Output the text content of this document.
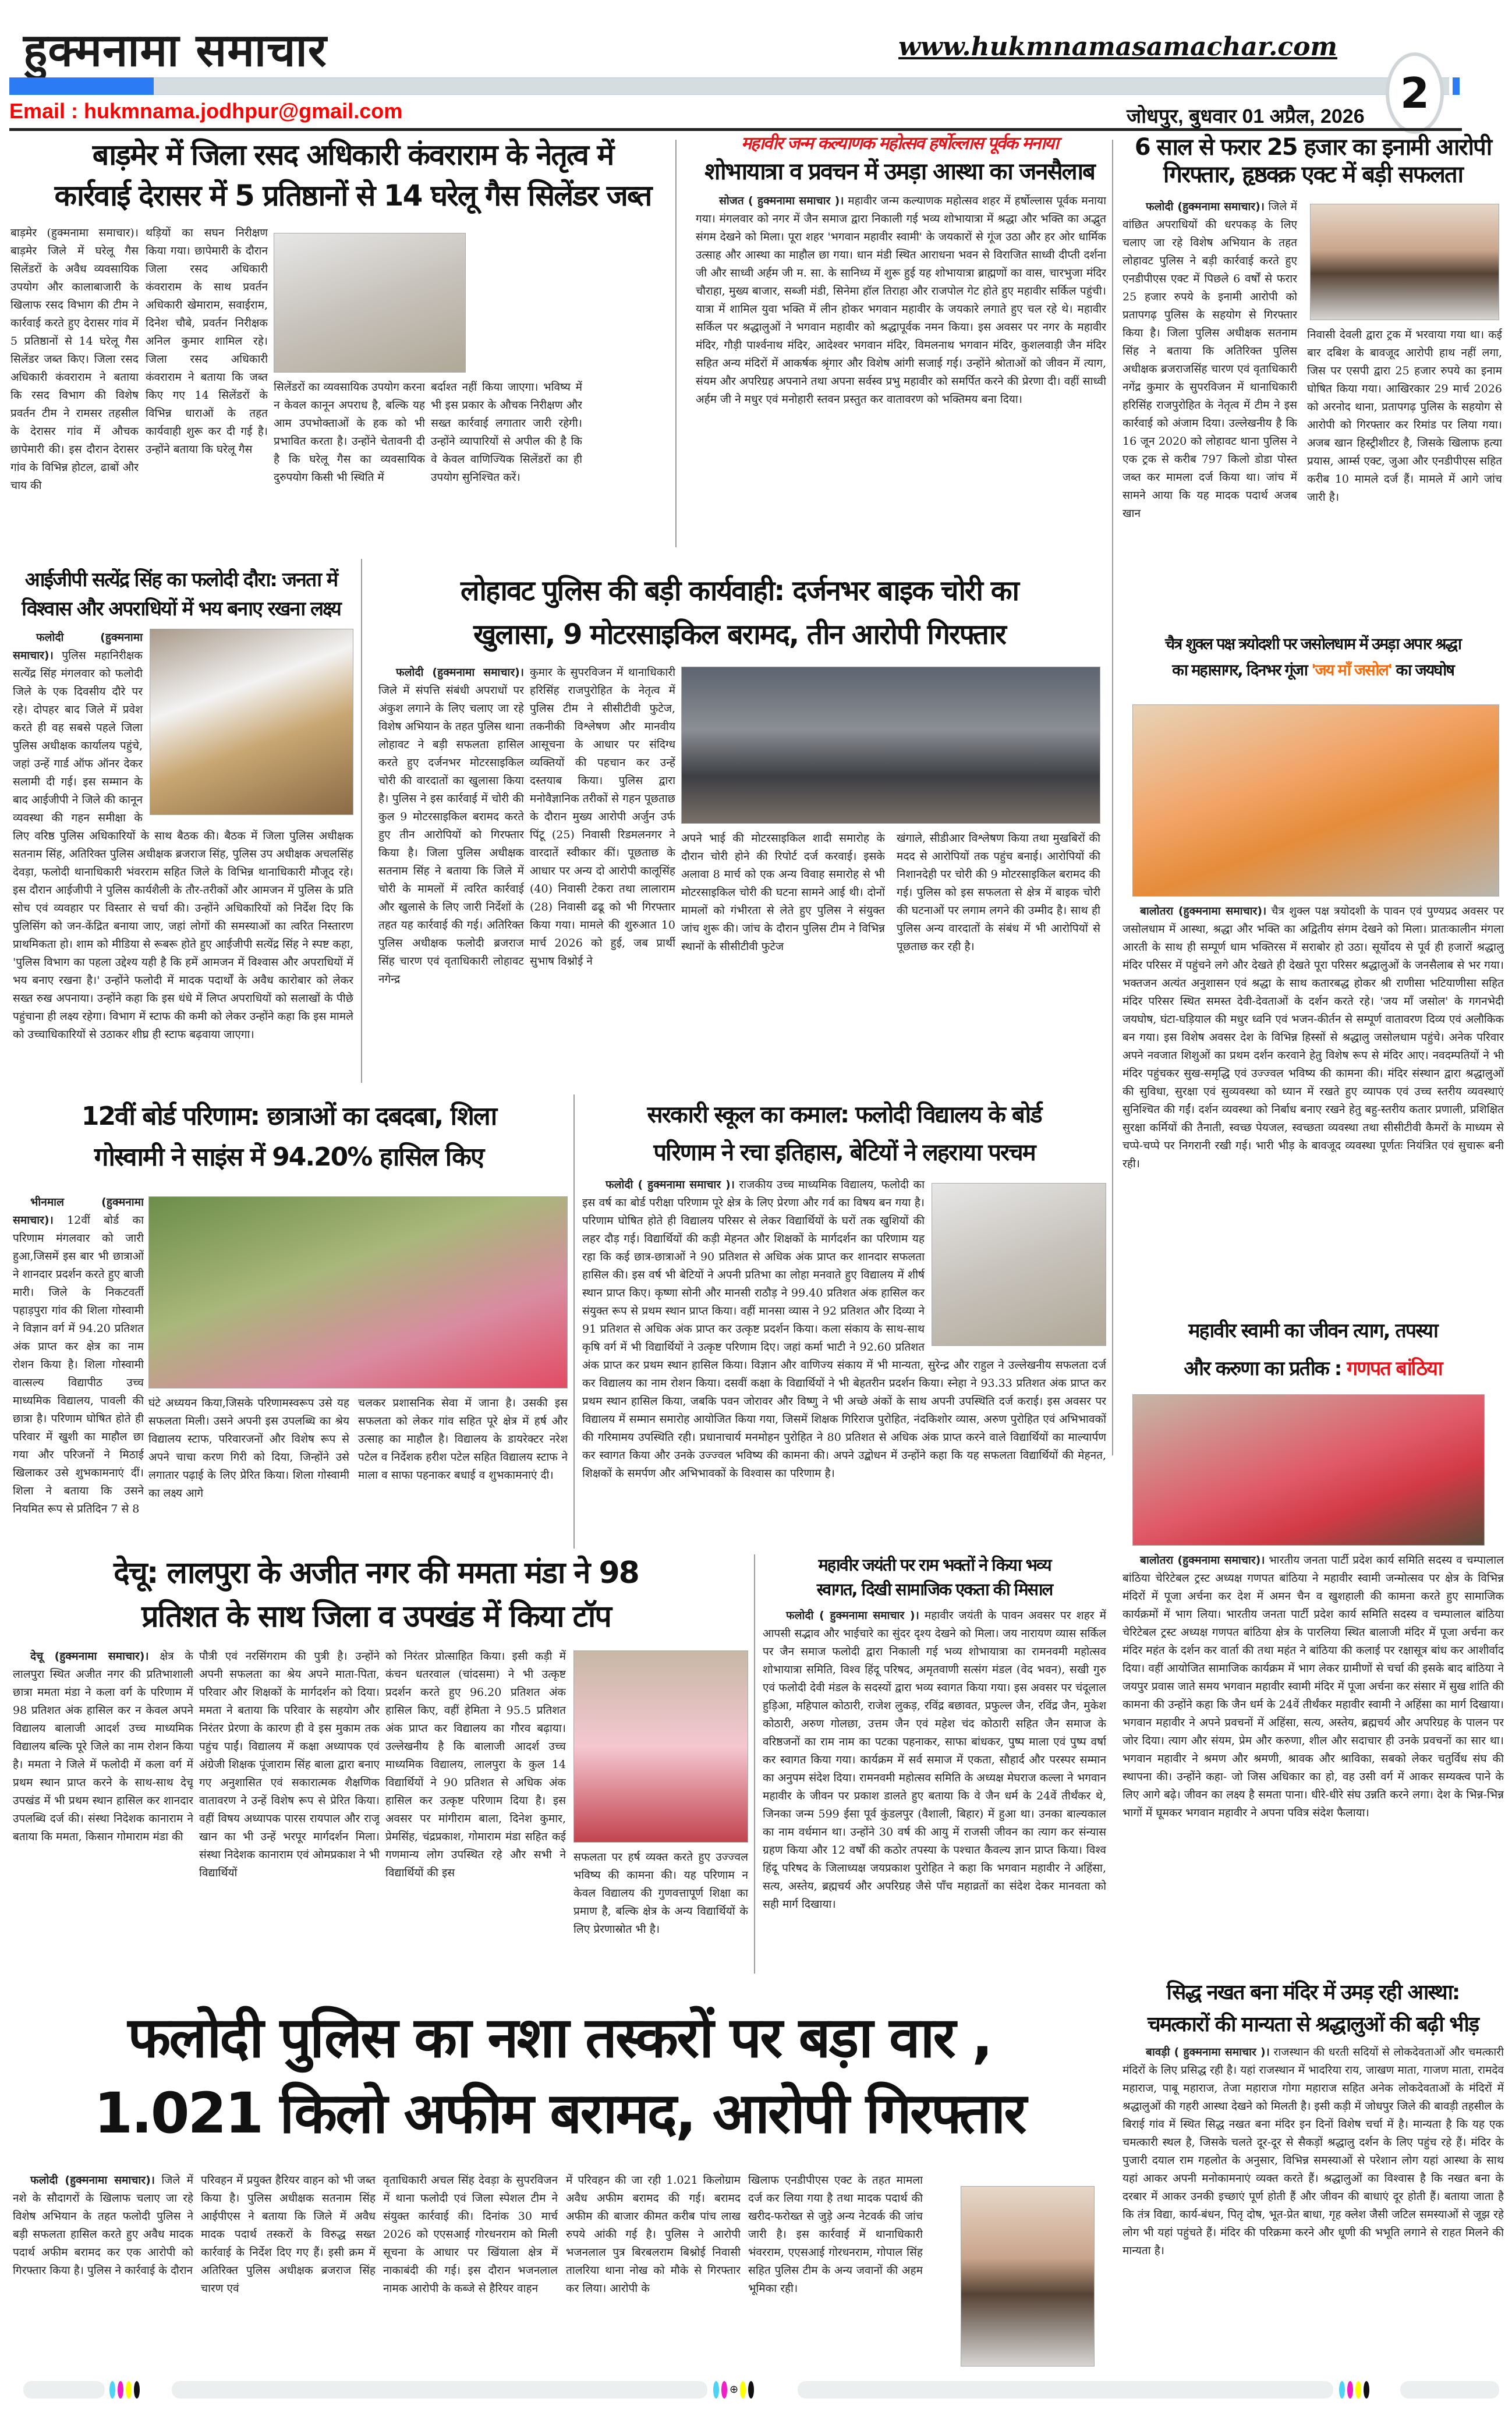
हुक्मनामा समाचार	www.hukmnamasamachar.com
2
Email : hukmnama.jodhpur@gmail.com	जोधपुर, बुधवार 01 अप्रैल, 2026
बाड़मेर में जिला रसद अधिकारी कंवराराम के नेतृत्व में
कार्रवाई देरासर में 5 प्रतिष्ठानों से 14 घरेलू गैस सिलेंडर जब्त
बाड़मेर (हुक्मनामा समाचार)। बाड़मेर जिले में घरेलू गैस सिलेंडरों के अवैध व्यवसायिक उपयोग और कालाबाजारी के खिलाफ रसद विभाग की टीम ने कार्रवाई करते हुए देरासर गांव में 5 प्रतिष्ठानों से 14 घरेलू गैस सिलेंडर जब्त किए। जिला रसद अधिकारी कंवराराम ने बताया कि रसद विभाग की विशेष प्रवर्तन टीम ने रामसर तहसील के देरासर गांव में औचक छापेमारी की। इस दौरान देरासर गांव के विभिन्न होटल, ढाबों और चाय की
थड़ियों का सघन निरीक्षण किया गया। छापेमारी के दौरान जिला रसद अधिकारी कंवराराम के साथ प्रवर्तन अधिकारी खेमाराम, सवाईराम, दिनेश चौबे, प्रवर्तन निरीक्षक अनिल कुमार शामिल रहे। जिला रसद अधिकारी कंवराराम ने बताया कि जब्त किए गए 14 सिलेंडरों के विभिन्न धाराओं के तहत कार्यवाही शुरू कर दी गई है। उन्होंने बताया कि घरेलू गैस
सिलेंडरों का व्यवसायिक उपयोग करना न केवल कानून अपराध है, बल्कि यह आम उपभोक्ताओं के हक को भी प्रभावित करता है। उन्होंने चेतावनी दी है कि घरेलू गैस का व्यवसायिक दुरुपयोग किसी भी स्थिति में
बर्दाश्त नहीं किया जाएगा। भविष्य में भी इस प्रकार के औचक निरीक्षण और सख्त कार्रवाई लगातार जारी रहेगी। उन्होंने व्यापारियों से अपील की है कि वे केवल वाणिज्यिक सिलेंडरों का ही उपयोग सुनिश्चित करें।
महावीर जन्म कल्याणक महोत्सव हर्षोल्लास पूर्वक मनाया
शोभायात्रा व प्रवचन में उमड़ा आस्था का जनसैलाब
सोजत ( हुक्मनामा समाचार )। महावीर जन्म कल्याणक महोत्सव शहर में हर्षोल्लास पूर्वक मनाया गया। मंगलवार को नगर में जैन समाज द्वारा निकाली गई भव्य शोभायात्रा में श्रद्धा और भक्ति का अद्भुत संगम देखने को मिला। पूरा शहर 'भगवान महावीर स्वामी' के जयकारों से गूंज उठा और हर ओर धार्मिक उत्साह और आस्था का माहौल छा गया। धान मंडी स्थित आराधना भवन से विराजित साध्वी दीप्ती दर्शना जी और साध्वी अर्हम जी म. सा. के सानिध्य में शुरू हुई यह शोभायात्रा ब्राह्मणों का वास, चारभुजा मंदिर चौराहा, मुख्य बाजार, सब्जी मंडी, सिनेमा हॉल तिराहा और राजपोल गेट होते हुए महावीर सर्किल पहुंची। यात्रा में शामिल युवा भक्ति में लीन होकर भगवान महावीर के जयकारे लगाते हुए चल रहे थे। महावीर सर्किल पर श्रद्धालुओं ने भगवान महावीर को श्रद्धापूर्वक नमन किया। इस अवसर पर नगर के महावीर मंदिर, गौड़ी पार्श्वनाथ मंदिर, आदेश्वर भगवान मंदिर, विमलनाथ भगवान मंदिर, कुशलवाड़ी जैन मंदिर सहित अन्य मंदिरों में आकर्षक श्रृंगार और विशेष आंगी सजाई गई। उन्होंने श्रोताओं को जीवन में त्याग, संयम और अपरिग्रह अपनाने तथा अपना सर्वस्व प्रभु महावीर को समर्पित करने की प्रेरणा दी। वहीं साध्वी अर्हम जी ने मधुर एवं मनोहारी स्तवन प्रस्तुत कर वातावरण को भक्तिमय बना दिया।
6 साल से फरार 25 हजार का इनामी आरोपी
गिरफ्तार, हृष्ठक्क्र एक्ट में बड़ी सफलता
फलोदी (हुक्मनामा समाचार)। जिले में वांछित अपराधियों की धरपकड़ के लिए चलाए जा रहे विशेष अभियान के तहत लोहावट पुलिस ने बड़ी कार्रवाई करते हुए एनडीपीएस एक्ट में पिछले 6 वर्षों से फरार 25 हजार रुपये के इनामी आरोपी को प्रतापगढ़ पुलिस के सहयोग से गिरफ्तार किया है। जिला पुलिस अधीक्षक सतनाम सिंह ने बताया कि अतिरिक्त पुलिस अधीक्षक ब्रजराजसिंह चारण एवं वृताधिकारी नगेंद्र कुमार के सुपरविजन में थानाधिकारी हरिसिंह राजपुरोहित के नेतृत्व में टीम ने इस कार्रवाई को अंजाम दिया। उल्लेखनीय है कि 16 जून 2020 को लोहावट थाना पुलिस ने एक ट्रक से करीब 797 किलो डोडा पोस्त जब्त कर मामला दर्ज किया था। जांच में सामने आया कि यह मादक पदार्थ अजब खान
निवासी देवली द्वारा ट्रक में भरवाया गया था। कई बार दबिश के बावजूद आरोपी हाथ नहीं लगा, जिस पर एसपी द्वारा 25 हजार रुपये का इनाम घोषित किया गया। आखिरकार 29 मार्च 2026 को अरनोद थाना, प्रतापगढ़ पुलिस के सहयोग से आरोपी को गिरफ्तार कर रिमांड पर लिया गया। अजब खान हिस्ट्रीशीटर है, जिसके खिलाफ हत्या प्रयास, आर्म्स एक्ट, जुआ और एनडीपीएस सहित करीब 10 मामले दर्ज हैं। मामले में आगे जांच जारी है।
आईजीपी सत्येंद्र सिंह का फलोदी दौरा: जनता में
विश्वास और अपराधियों में भय बनाए रखना लक्ष्य
फलोदी (हुक्मनामा समाचार)। पुलिस महानिरीक्षक सत्येंद्र सिंह मंगलवार को फलोदी जिले के एक दिवसीय दौरे पर रहे। दोपहर बाद जिले में प्रवेश करते ही वह सबसे पहले जिला पुलिस अधीक्षक कार्यालय पहुंचे, जहां उन्हें गार्ड ऑफ ऑनर देकर सलामी दी गई। इस सम्मान के बाद आईजीपी ने जिले की कानून व्यवस्था की गहन समीक्षा के लिए वरिष्ठ पुलिस अधिकारियों के साथ बैठक की। बैठक में जिला पुलिस अधीक्षक सतनाम सिंह, अतिरिक्त पुलिस अधीक्षक ब्रजराज सिंह, पुलिस उप अधीक्षक अचलसिंह देवड़ा, फलोदी थानाधिकारी भंवरराम सहित जिले के विभिन्न थानाधिकारी मौजूद रहे। इस दौरान आईजीपी ने पुलिस कार्यशैली के तौर-तरीकों और आमजन में पुलिस के प्रति सोच एवं व्यवहार पर विस्तार से चर्चा की। उन्होंने अधिकारियों को निर्देश दिए कि पुलिसिंग को जन-केंद्रित बनाया जाए, जहां लोगों की समस्याओं का त्वरित निस्तारण प्राथमिकता हो। शाम को मीडिया से रूबरू होते हुए आईजीपी सत्येंद्र सिंह ने स्पष्ट कहा, 'पुलिस विभाग का पहला उद्देश्य यही है कि हमें आमजन में विश्वास और अपराधियों में भय बनाए रखना है।' उन्होंने फलोदी में मादक पदार्थों के अवैध कारोबार को लेकर सख्त रुख अपनाया। उन्होंने कहा कि इस धंधे में लिप्त अपराधियों को सलाखों के पीछे पहुंचाना ही लक्ष्य रहेगा। विभाग में स्टाफ की कमी को लेकर उन्होंने कहा कि इस मामले को उच्चाधिकारियों से उठाकर शीघ्र ही स्टाफ बढ़वाया जाएगा।
लोहावट पुलिस की बड़ी कार्यवाही: दर्जनभर बाइक चोरी का
खुलासा, 9 मोटरसाइकिल बरामद, तीन आरोपी गिरफ्तार
फलोदी (हुक्मनामा समाचार)। जिले में संपत्ति संबंधी अपराधों पर अंकुश लगाने के लिए चलाए जा रहे विशेष अभियान के तहत पुलिस थाना लोहावट ने बड़ी सफलता हासिल करते हुए दर्जनभर मोटरसाइकिल चोरी की वारदातों का खुलासा किया है। पुलिस ने इस कार्रवाई में चोरी की कुल 9 मोटरसाइकिल बरामद करते हुए तीन आरोपियों को गिरफ्तार किया है। जिला पुलिस अधीक्षक सतनाम सिंह ने बताया कि जिले में चोरी के मामलों में त्वरित कार्रवाई और खुलासे के लिए जारी निर्देशों के तहत यह कार्रवाई की गई। अतिरिक्त पुलिस अधीक्षक फलोदी ब्रजराज सिंह चारण एवं वृताधिकारी लोहावट नगेन्द्र
कुमार के सुपरविजन में थानाधिकारी हरिसिंह राजपुरोहित के नेतृत्व में पुलिस टीम ने सीसीटीवी फुटेज, तकनीकी विश्लेषण और मानवीय आसूचना के आधार पर संदिग्ध व्यक्तियों की पहचान कर उन्हें दस्तयाब किया। पुलिस द्वारा मनोवैज्ञानिक तरीकों से गहन पूछताछ के दौरान मुख्य आरोपी अर्जुन उर्फ पिंटू (25) निवासी रिडमलनगर ने वारदातें स्वीकार कीं। पूछताछ के आधार पर अन्य दो आरोपी कालूसिंह (40) निवासी टेकरा तथा लालाराम (28) निवासी ढढू को भी गिरफ्तार किया गया। मामले की शुरुआत 10 मार्च 2026 को हुई, जब प्रार्थी सुभाष विश्नोई ने
अपने भाई की मोटरसाइकिल शादी समारोह के दौरान चोरी होने की रिपोर्ट दर्ज करवाई। इसके अलावा 8 मार्च को एक अन्य विवाह समारोह से भी मोटरसाइकिल चोरी की घटना सामने आई थी। दोनों मामलों को गंभीरता से लेते हुए पुलिस ने संयुक्त जांच शुरू की। जांच के दौरान पुलिस टीम ने विभिन्न स्थानों के सीसीटीवी फुटेज
खंगाले, सीडीआर विश्लेषण किया तथा मुखबिरों की मदद से आरोपियों तक पहुंच बनाई। आरोपियों की निशानदेही पर चोरी की 9 मोटरसाइकिल बरामद की गई। पुलिस को इस सफलता से क्षेत्र में बाइक चोरी की घटनाओं पर लगाम लगने की उम्मीद है। साथ ही पुलिस अन्य वारदातों के संबंध में भी आरोपियों से पूछताछ कर रही है।
चैत्र शुक्ल पक्ष त्रयोदशी पर जसोलधाम में उमड़ा अपार श्रद्धा
का महासागर, दिनभर गूंजा 'जय माँ जसोल' का जयघोष
बालोतरा (हुक्मनामा समाचार)। चैत्र शुक्ल पक्ष त्रयोदशी के पावन एवं पुण्यप्रद अवसर पर जसोलधाम में आस्था, श्रद्धा और भक्ति का अद्वितीय संगम देखने को मिला। प्रातःकालीन मंगला आरती के साथ ही सम्पूर्ण धाम भक्तिरस में सराबोर हो उठा। सूर्योदय से पूर्व ही हजारों श्रद्धालु मंदिर परिसर में पहुंचने लगे और देखते ही देखते पूरा परिसर श्रद्धालुओं के जनसैलाब से भर गया। भक्तजन अत्यंत अनुशासन एवं श्रद्धा के साथ कतारबद्ध होकर श्री राणीसा भटियाणीसा सहित मंदिर परिसर स्थित समस्त देवी-देवताओं के दर्शन करते रहे। 'जय माँ जसोल' के गगनभेदी जयघोष, घंटा-घड़ियाल की मधुर ध्वनि एवं भजन-कीर्तन से सम्पूर्ण वातावरण दिव्य एवं अलौकिक बन गया। इस विशेष अवसर देश के विभिन्न हिस्सों से श्रद्धालु जसोलधाम पहुंचे। अनेक परिवार अपने नवजात शिशुओं का प्रथम दर्शन करवाने हेतु विशेष रूप से मंदिर आए। नवदम्पतियों ने भी मंदिर पहुंचकर सुख-समृद्धि एवं उज्ज्वल भविष्य की कामना की। मंदिर संस्थान द्वारा श्रद्धालुओं की सुविधा, सुरक्षा एवं सुव्यवस्था को ध्यान में रखते हुए व्यापक एवं उच्च स्तरीय व्यवस्थाएं सुनिश्चित की गईं। दर्शन व्यवस्था को निर्बाध बनाए रखने हेतु बहु-स्तरीय कतार प्रणाली, प्रशिक्षित सुरक्षा कर्मियों की तैनाती, स्वच्छ पेयजल, स्वच्छता व्यवस्था तथा सीसीटीवी कैमरों के माध्यम से चप्पे-चप्पे पर निगरानी रखी गई। भारी भीड़ के बावजूद व्यवस्था पूर्णतः नियंत्रित एवं सुचारू बनी रही।
12वीं बोर्ड परिणाम: छात्राओं का दबदबा, शिला
गोस्वामी ने साइंस में 94.20% हासिल किए
भीनमाल (हुक्मनामा समाचार)। 12वीं बोर्ड का परिणाम मंगलवार को जारी हुआ,जिसमें इस बार भी छात्राओं ने शानदार प्रदर्शन करते हुए बाजी मारी। जिले के निकटवर्ती पहाड़पुरा गांव की शिला गोस्वामी ने विज्ञान वर्ग में 94.20 प्रतिशत अंक प्राप्त कर क्षेत्र का नाम रोशन किया है। शिला गोस्वामी वात्सल्य विद्यापीठ उच्च माध्यमिक विद्यालय, पावली की छात्रा है। परिणाम घोषित होते ही परिवार में खुशी का माहौल छा गया और परिजनों ने मिठाई खिलाकर उसे शुभकामनाएं दीं। शिला ने बताया कि उसने नियमित रूप से प्रतिदिन 7 से 8
घंटे अध्ययन किया,जिसके परिणामस्वरूप उसे यह सफलता मिली। उसने अपनी इस उपलब्धि का श्रेय विद्यालय स्टाफ, परिवारजनों और विशेष रूप से अपने चाचा करण गिरी को दिया, जिन्होंने उसे लगातार पढ़ाई के लिए प्रेरित किया। शिला गोस्वामी का लक्ष्य आगे
चलकर प्रशासनिक सेवा में जाना है। उसकी इस सफलता को लेकर गांव सहित पूरे क्षेत्र में हर्ष और उत्साह का माहौल है। विद्यालय के डायरेक्टर नरेश पटेल व निर्देशक हरीश पटेल सहित विद्यालय स्टाफ ने माला व साफा पहनाकर बधाई व शुभकामनाएं दी।
सरकारी स्कूल का कमाल: फलोदी विद्यालय के बोर्ड
परिणाम ने रचा इतिहास, बेटियों ने लहराया परचम
फलोदी ( हुक्मनामा समाचार )। राजकीय उच्च माध्यमिक विद्यालय, फलोदी का इस वर्ष का बोर्ड परीक्षा परिणाम पूरे क्षेत्र के लिए प्रेरणा और गर्व का विषय बन गया है। परिणाम घोषित होते ही विद्यालय परिसर से लेकर विद्यार्थियों के घरों तक खुशियों की लहर दौड़ गई। विद्यार्थियों की कड़ी मेहनत और शिक्षकों के मार्गदर्शन का परिणाम यह रहा कि कई छात्र-छात्राओं ने 90 प्रतिशत से अधिक अंक प्राप्त कर शानदार सफलता हासिल की। इस वर्ष भी बेटियों ने अपनी प्रतिभा का लोहा मनवाते हुए विद्यालय में शीर्ष स्थान प्राप्त किए। कृष्णा सोनी और मानसी राठौड़ ने 99.40 प्रतिशत अंक हासिल कर संयुक्त रूप से प्रथम स्थान प्राप्त किया। वहीं मानसा व्यास ने 92 प्रतिशत और दिव्या ने 91 प्रतिशत से अधिक अंक प्राप्त कर उत्कृष्ट प्रदर्शन किया। कला संकाय के साथ-साथ कृषि वर्ग में भी विद्यार्थियों ने उत्कृष्ट परिणाम दिए। जहां कर्मा भाटी ने 92.60 प्रतिशत अंक प्राप्त कर प्रथम स्थान हासिल किया। विज्ञान और वाणिज्य संकाय में भी मान्यता, सुरेन्द्र और राहुल ने उल्लेखनीय सफलता दर्ज कर विद्यालय का नाम रोशन किया। दसवीं कक्षा के विद्यार्थियों ने भी बेहतरीन प्रदर्शन किया। स्नेहा ने 93.33 प्रतिशत अंक प्राप्त कर प्रथम स्थान हासिल किया, जबकि पवन जोरावर और विष्णु ने भी अच्छे अंकों के साथ अपनी उपस्थिति दर्ज कराई। इस अवसर पर विद्यालय में सम्मान समारोह आयोजित किया गया, जिसमें शिक्षक गिरिराज पुरोहित, नंदकिशोर व्यास, अरुण पुरोहित एवं अभिभावकों की गरिमामय उपस्थिति रही। प्रधानाचार्य मनमोहन पुरोहित ने 80 प्रतिशत से अधिक अंक प्राप्त करने वाले विद्यार्थियों का माल्यार्पण कर स्वागत किया और उनके उज्ज्वल भविष्य की कामना की। अपने उद्बोधन में उन्होंने कहा कि यह सफलता विद्यार्थियों की मेहनत, शिक्षकों के समर्पण और अभिभावकों के विश्वास का परिणाम है।
महावीर स्वामी का जीवन त्याग, तपस्या
और करुणा का प्रतीक : गणपत बांठिया
बालोतरा (हुक्मनामा समाचार)। भारतीय जनता पार्टी प्रदेश कार्य समिति सदस्य व चम्पालाल बांठिया चेरिटेबल ट्रस्ट अध्यक्ष गणपत बांठिया ने महावीर स्वामी जन्मोत्सव पर क्षेत्र के विभिन्न मंदिरों में पूजा अर्चना कर देश में अमन चैन व खुशहाली की कामना करते हुए सामाजिक कार्यक्रमों में भाग लिया। भारतीय जनता पार्टी प्रदेश कार्य समिति सदस्य व चम्पालाल बांठिया चेरिटेबल ट्रस्ट अध्यक्ष गणपत बांठिया क्षेत्र के पारलिया स्थित बालाजी मंदिर में पूजा अर्चना कर मंदिर महंत के दर्शन कर वार्ता की तथा महंत ने बांठिया की कलाई पर रक्षासूत्र बांध कर आशीर्वाद दिया। वहीं आयोजित सामाजिक कार्यक्रम में भाग लेकर ग्रामीणों से चर्चा की इसके बाद बांठिया ने जयपुर प्रवास जाते समय भगवान महावीर स्वामी मंदिर में पूजा अर्चना कर संसार में सुख शांति की कामना की उन्होंने कहा कि जैन धर्म के 24वें तीर्थंकर महावीर स्वामी ने अहिंसा का मार्ग दिखाया। भगवान महावीर ने अपने प्रवचनों में अहिंसा, सत्य, अस्तेय, ब्रह्मचर्य और अपरिग्रह के पालन पर जोर दिया। त्याग और संयम, प्रेम और करुणा, शील और सदाचार ही उनके प्रवचनों का सार था। भगवान महावीर ने श्रमण और श्रमणी, श्रावक और श्राविका, सबको लेकर चतुर्विध संघ की स्थापना की। उन्होंने कहा- जो जिस अधिकार का हो, वह उसी वर्ग में आकर सम्यक्त्व पाने के लिए आगे बढ़े। जीवन का लक्ष्य है समता पाना। धीरे-धीरे संघ उन्नति करने लगा। देश के भिन्न-भिन्न भागों में घूमकर भगवान महावीर ने अपना पवित्र संदेश फैलाया।
देचू: लालपुरा के अजीत नगर की ममता मंडा ने 98
प्रतिशत के साथ जिला व उपखंड में किया टॉप
देचू (हुक्मनामा समाचार)। क्षेत्र के लालपुरा स्थित अजीत नगर की प्रतिभाशाली छात्रा ममता मंडा ने कला वर्ग के परिणाम में 98 प्रतिशत अंक हासिल कर न केवल अपने विद्यालय बालाजी आदर्श उच्च माध्यमिक विद्यालय बल्कि पूरे जिले का नाम रोशन किया है। ममता ने जिले में फलोदी में कला वर्ग में प्रथम स्थान प्राप्त करने के साथ-साथ देचू उपखंड में भी प्रथम स्थान हासिल कर शानदार उपलब्धि दर्ज की। संस्था निदेशक कानाराम ने बताया कि ममता, किसान गोमाराम मंडा की
पौत्री एवं नरसिंगराम की पुत्री है। उन्होंने अपनी सफलता का श्रेय अपने माता-पिता, परिवार और शिक्षकों के मार्गदर्शन को दिया। ममता ने बताया कि परिवार के सहयोग और निरंतर प्रेरणा के कारण ही वे इस मुकाम तक पहुंच पाईं। विद्यालय में कक्षा अध्यापक एवं अंग्रेजी शिक्षक पूंजाराम सिंह बाला द्वारा बनाए गए अनुशासित एवं सकारात्मक शैक्षणिक वातावरण ने उन्हें विशेष रूप से प्रेरित किया। वहीं विषय अध्यापक पारस रायपाल और राजू खान का भी उन्हें भरपूर मार्गदर्शन मिला। संस्था निदेशक कानाराम एवं ओमप्रकाश ने भी विद्यार्थियों
को निरंतर प्रोत्साहित किया। इसी कड़ी में कंचन धतरवाल (चांदसमा) ने भी उत्कृष्ट प्रदर्शन करते हुए 96.20 प्रतिशत अंक हासिल किए, वहीं हेमिता ने 95.5 प्रतिशत अंक प्राप्त कर विद्यालय का गौरव बढ़ाया। उल्लेखनीय है कि बालाजी आदर्श उच्च माध्यमिक विद्यालय, लालपुरा के कुल 14 विद्यार्थियों ने 90 प्रतिशत से अधिक अंक हासिल कर उत्कृष्ट परिणाम दिया है। इस अवसर पर मांगीराम बाला, दिनेश कुमार, प्रेमसिंह, चंद्रप्रकाश, गोमाराम मंडा सहित कई गणमान्य लोग उपस्थित रहे और सभी ने विद्यार्थियों की इस
सफलता पर हर्ष व्यक्त करते हुए उज्ज्वल भविष्य की कामना की। यह परिणाम न केवल विद्यालय की गुणवत्तापूर्ण शिक्षा का प्रमाण है, बल्कि क्षेत्र के अन्य विद्यार्थियों के लिए प्रेरणास्रोत भी है।
महावीर जयंती पर राम भक्तों ने किया भव्य
स्वागत, दिखी सामाजिक एकता की मिसाल
फलोदी ( हुक्मनामा समाचार )। महावीर जयंती के पावन अवसर पर शहर में आपसी सद्भाव और भाईचारे का सुंदर दृश्य देखने को मिला। जय नारायण व्यास सर्किल पर जैन समाज फलोदी द्वारा निकाली गई भव्य शोभायात्रा का रामनवमी महोत्सव शोभायात्रा समिति, विश्व हिंदू परिषद, अमृतवाणी सत्संग मंडल (वेद भवन), सखी गुरु एवं फलोदी देवी मंडल के सदस्यों द्वारा भव्य स्वागत किया गया। इस अवसर पर चंदूलाल हुड़िआ, महिपाल कोठारी, राजेश लुकड़, रविंद्र बछावत, प्रफुल्ल जैन, रविंद्र जैन, मुकेश कोठारी, अरुण गोलछा, उत्तम जैन एवं महेश चंद कोठारी सहित जैन समाज के वरिष्ठजनों का राम नाम का पटका पहनाकर, साफा बांधकर, पुष्प माला एवं पुष्प वर्षा कर स्वागत किया गया। कार्यक्रम में सर्व समाज में एकता, सौहार्द और परस्पर सम्मान का अनुपम संदेश दिया। रामनवमी महोत्सव समिति के अध्यक्ष मेघराज कल्ला ने भगवान महावीर के जीवन पर प्रकाश डालते हुए बताया कि वे जैन धर्म के 24वें तीर्थंकर थे, जिनका जन्म 599 ईसा पूर्व कुंडलपुर (वैशाली, बिहार) में हुआ था। उनका बाल्यकाल का नाम वर्धमान था। उन्होंने 30 वर्ष की आयु में राजसी जीवन का त्याग कर संन्यास ग्रहण किया और 12 वर्षों की कठोर तपस्या के पश्चात कैवल्य ज्ञान प्राप्त किया। विश्व हिंदू परिषद के जिलाध्यक्ष जयप्रकाश पुरोहित ने कहा कि भगवान महावीर ने अहिंसा, सत्य, अस्तेय, ब्रह्मचर्य और अपरिग्रह जैसे पाँच महाव्रतों का संदेश देकर मानवता को सही मार्ग दिखाया।
सिद्ध नखत बना मंदिर में उमड़ रही आस्था:
चमत्कारों की मान्यता से श्रद्धालुओं की बढ़ी भीड़
बावड़ी ( हुक्मनामा समाचार )। राजस्थान की धरती सदियों से लोकदेवताओं और चमत्कारी मंदिरों के लिए प्रसिद्ध रही है। यहां राजस्थान में भादरिया राय, जाखण माता, गाजण माता, रामदेव महाराज, पाबू महाराज, तेजा महाराज गोगा महाराज सहित अनेक लोकदेवताओं के मंदिरों में श्रद्धालुओं की गहरी आस्था देखने को मिलती है। इसी कड़ी में जोधपुर जिले की बावड़ी तहसील के बिराई गांव में स्थित सिद्ध नखत बना मंदिर इन दिनों विशेष चर्चा में है। मान्यता है कि यह एक चमत्कारी स्थल है, जिसके चलते दूर-दूर से सैकड़ों श्रद्धालु दर्शन के लिए पहुंच रहे हैं। मंदिर के पुजारी दयाल राम गहलोत के अनुसार, विभिन्न समस्याओं से परेशान लोग यहां आस्था के साथ यहां आकर अपनी मनोकामनाएं व्यक्त करते हैं। श्रद्धालुओं का विश्वास है कि नखत बना के दरबार में आकर उनकी इच्छाएं पूर्ण होती हैं और जीवन की बाधाएं दूर होती हैं। बताया जाता है कि तंत्र विद्या, कार्य-बंधन, पितृ दोष, भूत-प्रेत बाधा, गृह क्लेश जैसी जटिल समस्याओं से जूझ रहे लोग भी यहां पहुंचते हैं। मंदिर की परिक्रमा करने और धूणी की भभूति लगाने से राहत मिलने की मान्यता है।
फलोदी पुलिस का नशा तस्करों पर बड़ा वार ,
1.021 किलो अफीम बरामद, आरोपी गिरफ्तार
फलोदी (हुक्मनामा समाचार)। जिले में नशे के सौदागरों के खिलाफ चलाए जा रहे विशेष अभियान के तहत फलोदी पुलिस ने बड़ी सफलता हासिल करते हुए अवैध मादक पदार्थ अफीम बरामद कर एक आरोपी को गिरफ्तार किया है। पुलिस ने कार्रवाई के दौरान
परिवहन में प्रयुक्त हैरियर वाहन को भी जब्त किया है। पुलिस अधीक्षक सतनाम सिंह आईपीएस ने बताया कि जिले में अवैध मादक पदार्थ तस्करों के विरुद्ध सख्त कार्रवाई के निर्देश दिए गए हैं। इसी क्रम में अतिरिक्त पुलिस अधीक्षक ब्रजराज सिंह चारण एवं
वृताधिकारी अचल सिंह देवड़ा के सुपरविजन में थाना फलोदी एवं जिला स्पेशल टीम ने संयुक्त कार्रवाई की। दिनांक 30 मार्च 2026 को एएसआई गोरधनराम को मिली सूचना के आधार पर खिंयाला क्षेत्र में नाकाबंदी की गई। इस दौरान भजनलाल नामक आरोपी के कब्जे से हैरियर वाहन
में परिवहन की जा रही 1.021 किलोग्राम अवैध अफीम बरामद की गई। बरामद अफीम की बाजार कीमत करीब पांच लाख रुपये आंकी गई है। पुलिस ने आरोपी भजनलाल पुत्र बिरबलराम बिश्नोई निवासी तालरिया थाना नोख को मौके से गिरफ्तार कर लिया। आरोपी के
खिलाफ एनडीपीएस एक्ट के तहत मामला दर्ज कर लिया गया है तथा मादक पदार्थ की खरीद-फरोख्त से जुड़े अन्य नेटवर्क की जांच जारी है। इस कार्रवाई में थानाधिकारी भंवरराम, एएसआई गोरधनराम, गोपाल सिंह सहित पुलिस टीम के अन्य जवानों की अहम भूमिका रही।
⊕
